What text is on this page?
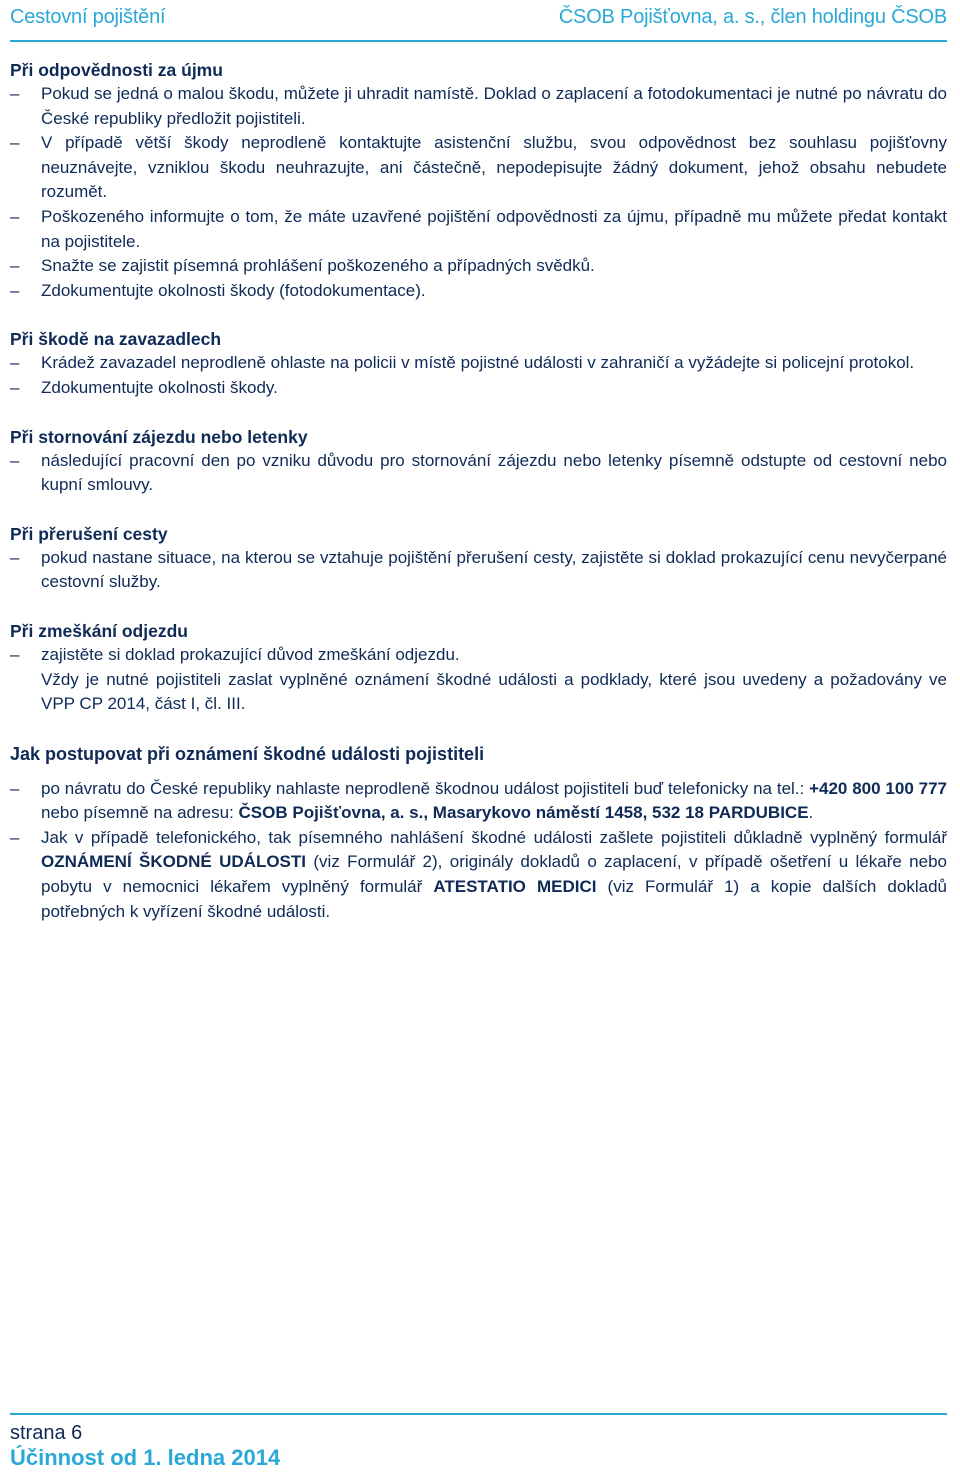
Cestovní pojištění	ČSOB Pojišťovna, a. s., člen holdingu ČSOB
Při odpovědnosti za újmu
– Pokud se jedná o malou škodu, můžete ji uhradit namístě. Doklad o zaplacení a fotodokumentaci je nutné po návratu do České republiky předložit pojistiteli.
– V případě větší škody neprodleně kontaktujte asistenční službu, svou odpovědnost bez souhlasu pojišťovny neuznávejte, vzniklou škodu neuhrazujte, ani částečně, nepodepisujte žádný dokument, jehož obsahu nebudete rozumět.
– Poškozeného informujte o tom, že máte uzavřené pojištění odpovědnosti za újmu, případně mu můžete předat kontakt na pojistitele.
– Snažte se zajistit písemná prohlášení poškozeného a případných svědků.
– Zdokumentujte okolnosti škody (fotodokumentace).
Při škodě na zavazadlech
– Krádež zavazadel neprodleně ohlaste na policii v místě pojistné události v zahraničí a vyžádejte si policejní protokol.
– Zdokumentujte okolnosti škody.
Při stornování zájezdu nebo letenky
– následující pracovní den po vzniku důvodu pro stornování zájezdu nebo letenky písemně odstupte od cestovní nebo kupní smlouvy.
Při přerušení cesty
– pokud nastane situace, na kterou se vztahuje pojištění přerušení cesty, zajistěte si doklad prokazující cenu nevyčerpané cestovní služby.
Při zmeškání odjezdu
– zajistěte si doklad prokazující důvod zmeškání odjezdu.
Vždy je nutné pojistiteli zaslat vyplněné oznámení škodné události a podklady, které jsou uvedeny a požadovány ve VPP CP 2014, část I, čl. III.
Jak postupovat při oznámení škodné události pojistiteli
– po návratu do České republiky nahlaste neprodleně škodnou událost pojistiteli buď telefonicky na tel.: +420 800 100 777 nebo písemně na adresu: ČSOB Pojišťovna, a. s., Masarykovo náměstí 1458, 532 18 PARDUBICE.
– Jak v případě telefonického, tak písemného nahlášení škodné události zašlete pojistiteli důkladně vyplněný formulář OZNÁMENÍ ŠKODNÉ UDÁLOSTI (viz Formulář 2), originály dokladů o zaplacení, v případě ošetření u lékaře nebo pobytu v nemocnici lékařem vyplněný formulář ATESTATIO MEDICI (viz Formulář 1) a kopie dalších dokladů potřebných k vyřízení škodné události.
strana 6
Účinnost od 1. ledna 2014
